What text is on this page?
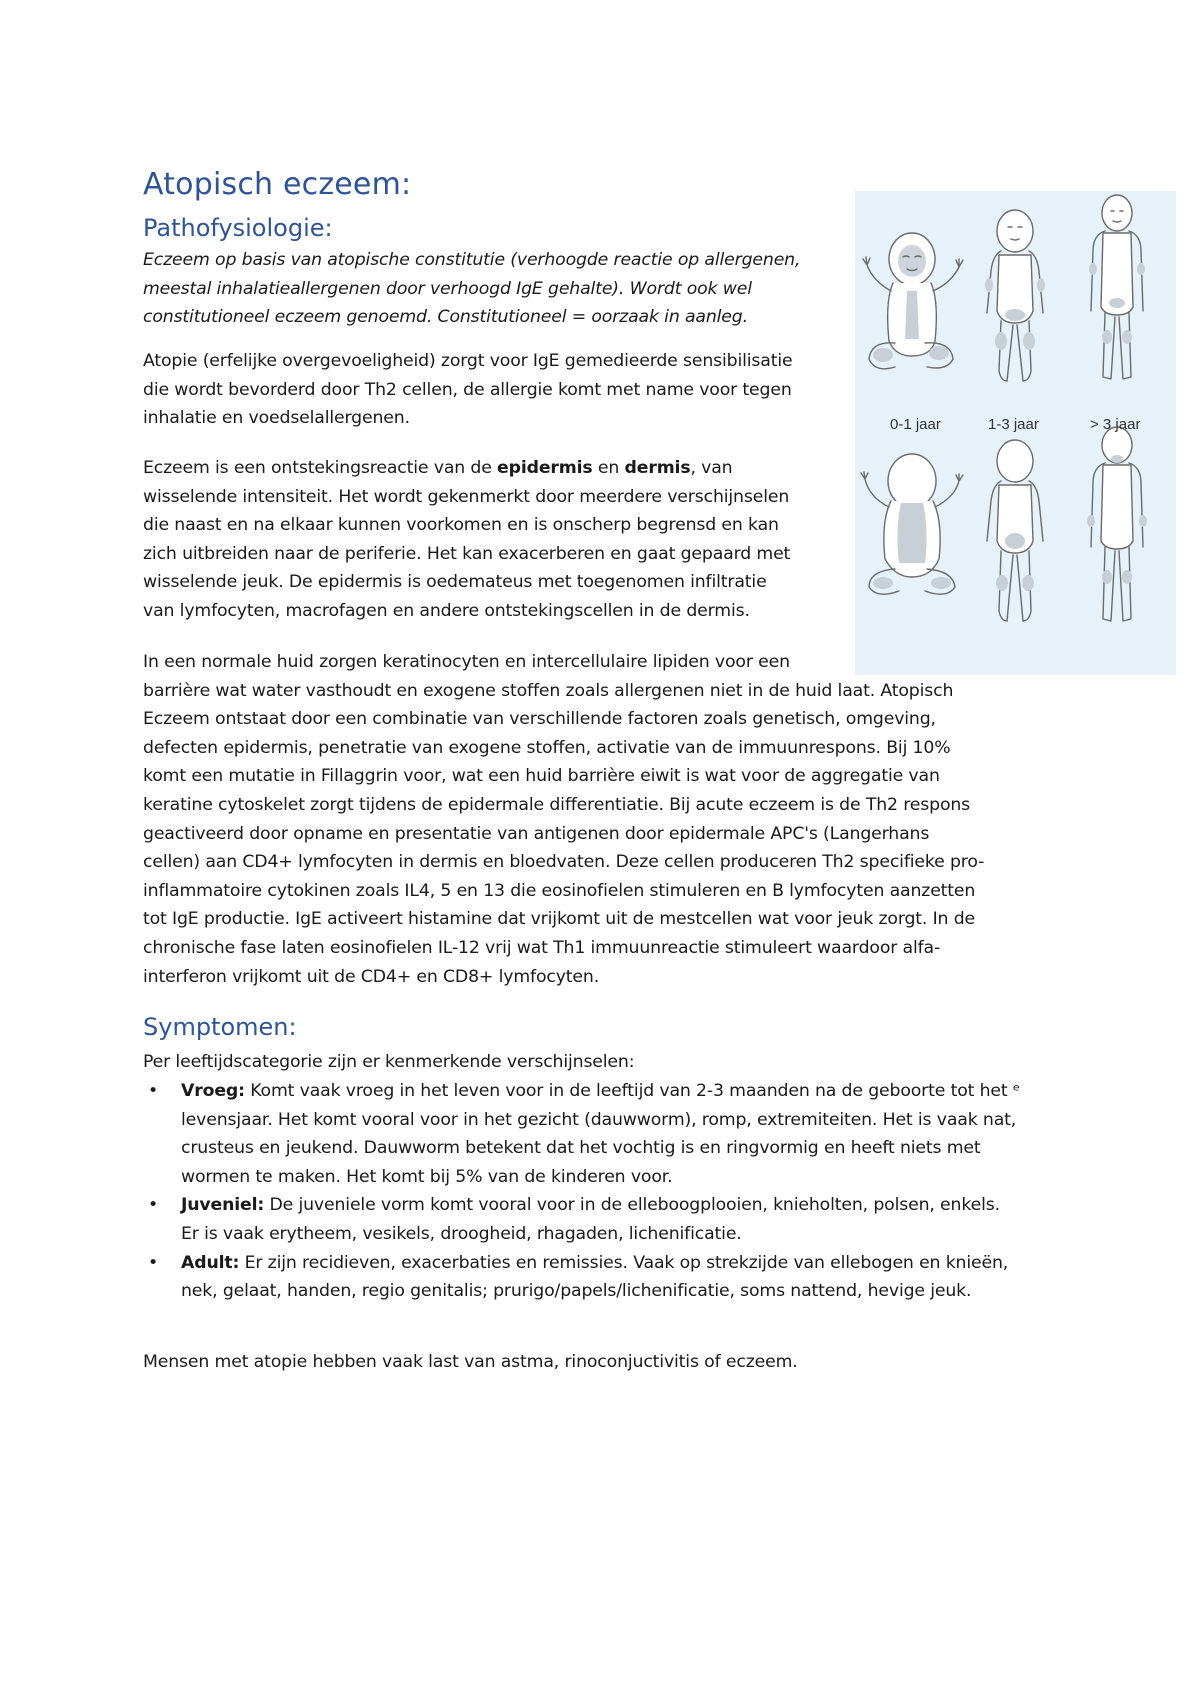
Atopisch eczeem:
Pathofysiologie:

Eczeem op basis van atopische constitutie (verhoogde reactie op allergenen,

meestal inhalatieallergenen door verhoogd IgE gehalte). Wordt ook wel

constitutioneel eczeem genoemd. Constitutioneel = oorzaak in aanleg.

Atopie (erfelijke overgevoeligheid) zorgt voor IgE gemedieerde sensibilisatie

die wordt bevorderd door Th2 cellen, de allergie komt met name voor tegen

inhalatie en voedselallergenen.

Eczeem is een ontstekingsreactie van de epidermis en dermis, van

wisselende intensiteit. Het wordt gekenmerkt door meerdere verschijnselen

die naast en na elkaar kunnen voorkomen en is onscherp begrensd en kan

zich uitbreiden naar de periferie. Het kan exacerberen en gaat gepaard met

wisselende jeuk. De epidermis is oedemateus met toegenomen infiltratie

van lymfocyten, macrofagen en andere ontstekingscellen in de dermis.

In een normale huid zorgen keratinocyten en intercellulaire lipiden voor een

barrière wat water vasthoudt en exogene stoffen zoals allergenen niet in de huid laat. Atopisch

Eczeem ontstaat door een combinatie van verschillende factoren zoals genetisch, omgeving,

defecten epidermis, penetratie van exogene stoffen, activatie van de immuunrespons. Bij 10%

komt een mutatie in Fillaggrin voor, wat een huid barrière eiwit is wat voor de aggregatie van

keratine cytoskelet zorgt tijdens de epidermale differentiatie. Bij acute eczeem is de Th2 respons

geactiveerd door opname en presentatie van antigenen door epidermale APC's (Langerhans

cellen) aan CD4+ lymfocyten in dermis en bloedvaten. Deze cellen produceren Th2 specifieke pro-

inflammatoire cytokinen zoals IL4, 5 en 13 die eosinofielen stimuleren en B lymfocyten aanzetten

tot IgE productie. IgE activeert histamine dat vrijkomt uit de mestcellen wat voor jeuk zorgt. In de

chronische fase laten eosinofielen IL-12 vrij wat Th1 immuunreactie stimuleert waardoor alfa-

interferon vrijkomt uit de CD4+ en CD8+ lymfocyten.

Symptomen:
Per leeftijdscategorie zijn er kenmerkende verschijnselen:
• Vroeg: Komt vaak vroeg in het leven voor in de leeftijd van 2-3 maanden na de geboorte tot het ᵉ
levensjaar. Het komt vooral voor in het gezicht (dauwworm), romp, extremiteiten. Het is vaak nat,
crusteus en jeukend. Dauwworm betekent dat het vochtig is en ringvormig en heeft niets met
wormen te maken. Het komt bij 5% van de kinderen voor.
• Juveniel: De juveniele vorm komt vooral voor in de elleboogplooien, knieholten, polsen, enkels.
Er is vaak erytheem, vesikels, droogheid, rhagaden, lichenificatie.
• Adult: Er zijn recidieven, exacerbaties en remissies. Vaak op strekzijde van ellebogen en knieën,
nek, gelaat, handen, regio genitalis; prurigo/papels/lichenificatie, soms nattend, hevige jeuk.
Mensen met atopie hebben vaak last van astma, rinoconjuctivitis of eczeem.
0-1 jaar	1-3 jaar	> 3 jaar
